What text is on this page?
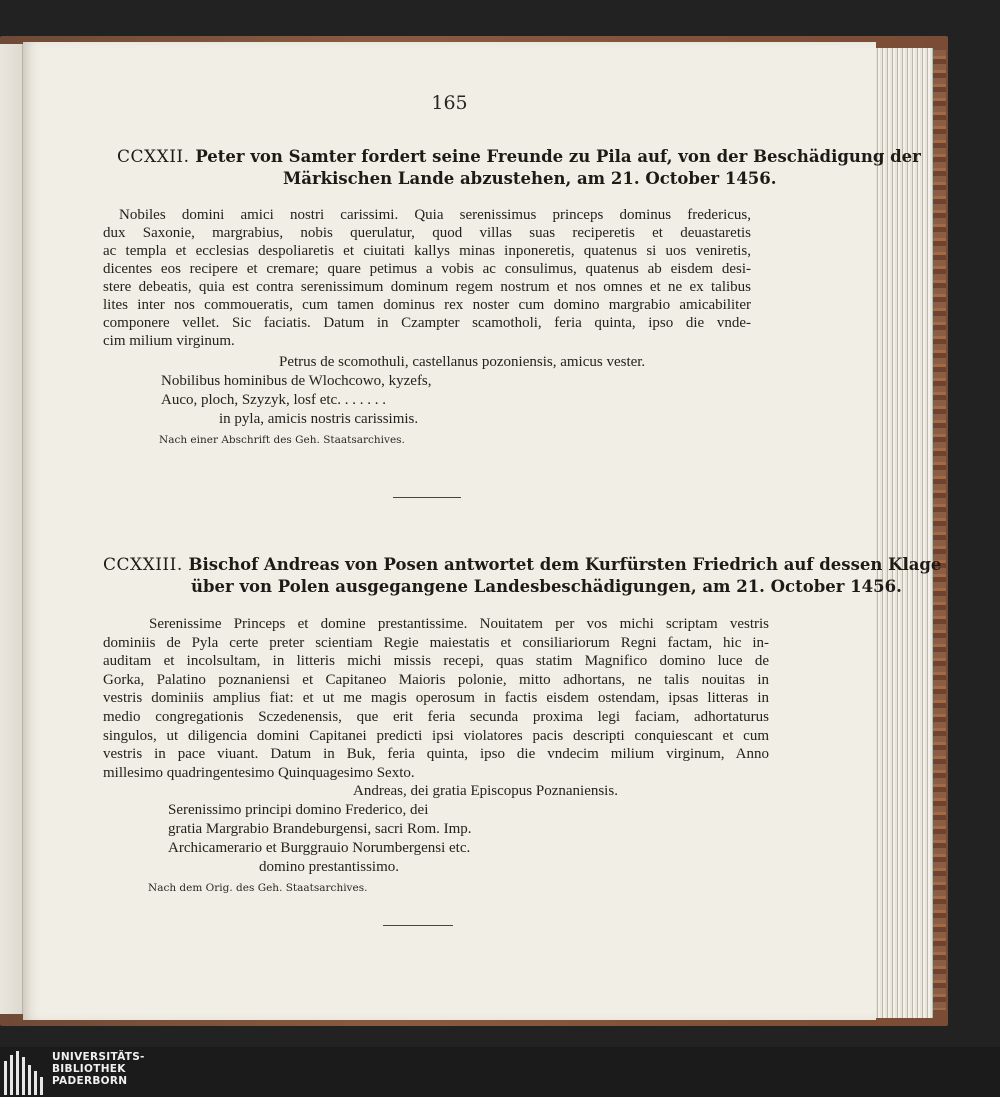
165
CCXXII. Peter von Samter fordert seine Freunde zu Pila auf, von der Beschädigung der
Märkischen Lande abzustehen, am 21. October 1456.
Nobiles domini amici nostri carissimi. Quia serenissimus princeps dominus fredericus,
dux Saxonie, margrabius, nobis querulatur, quod villas suas reciperetis et deuastaretis
ac templa et ecclesias despoliaretis et ciuitati kallys minas inponeretis, quatenus si uos veniretis,
dicentes eos recipere et cremare; quare petimus a vobis ac consulimus, quatenus ab eisdem desi-
stere debeatis, quia est contra serenissimum dominum regem nostrum et nos omnes et ne ex talibus
lites inter nos commoueratis, cum tamen dominus rex noster cum domino margrabio amicabiliter
componere vellet. Sic faciatis. Datum in Czampter scamotholi, feria quinta, ipso die vnde-
cim milium virginum.
Petrus de scomothuli, castellanus pozoniensis, amicus vester.
Nobilibus hominibus de Wlochcowo, kyzefs,
Auco, ploch, Szyzyk, losf etc. . . . . . .
in pyla, amicis nostris carissimis.
Nach einer Abschrift des Geh. Staatsarchives.
CCXXIII. Bischof Andreas von Posen antwortet dem Kurfürsten Friedrich auf dessen Klage
über von Polen ausgegangene Landesbeschädigungen, am 21. October 1456.
Serenissime Princeps et domine prestantissime. Nouitatem per vos michi scriptam vestris
dominiis de Pyla certe preter scientiam Regie maiestatis et consiliariorum Regni factam, hic in-
auditam et incolsultam, in litteris michi missis recepi, quas statim Magnifico domino luce de
Gorka, Palatino poznaniensi et Capitaneo Maioris polonie, mitto adhortans, ne talis nouitas in
vestris dominiis amplius fiat: et ut me magis operosum in factis eisdem ostendam, ipsas litteras in
medio congregationis Sczedenensis, que erit feria secunda proxima legi faciam, adhortaturus
singulos, ut diligencia domini Capitanei predicti ipsi violatores pacis descripti conquiescant et cum
vestris in pace viuant. Datum in Buk, feria quinta, ipso die vndecim milium virginum, Anno
millesimo quadringentesimo Quinquagesimo Sexto.
Andreas, dei gratia Episcopus Poznaniensis.
Serenissimo principi domino Frederico, dei
gratia Margrabio Brandeburgensi, sacri Rom. Imp.
Archicamerario et Burggrauio Norumbergensi etc.
domino prestantissimo.
Nach dem Orig. des Geh. Staatsarchives.
UNIVERSITÄTS-
BIBLIOTHEK
PADERBORN
